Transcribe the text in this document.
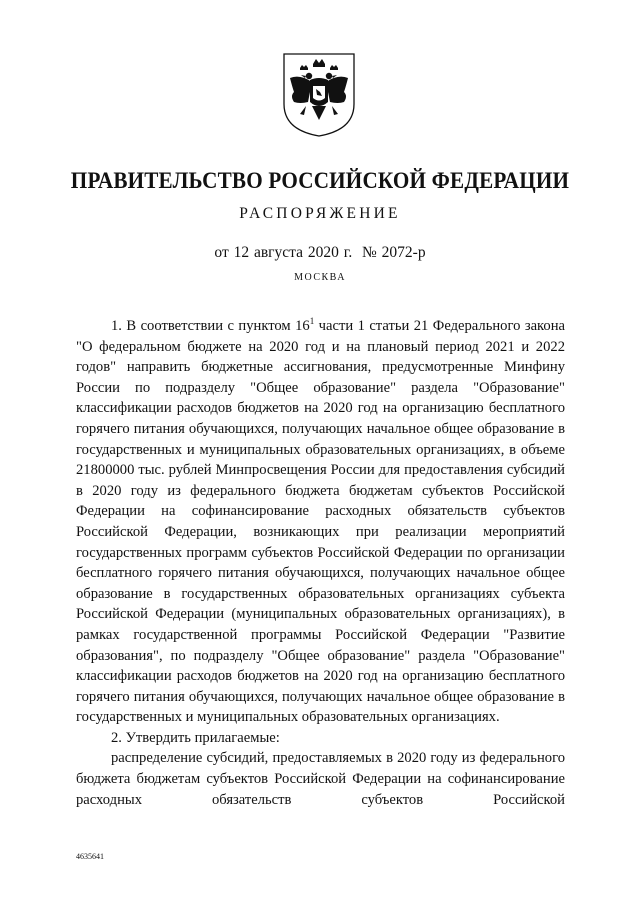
ПРАВИТЕЛЬСТВО РОССИЙСКОЙ ФЕДЕРАЦИИ
РАСПОРЯЖЕНИЕ
от 12 августа 2020 г.  № 2072-р
МОСКВА

1. В соответствии с пунктом $16^1$ части 1 статьи 21 Федерального закона "О федеральном бюджете на 2020 год и на плановый период 2021 и 2022 годов" направить бюджетные ассигнования, предусмотренные Минфину России по подразделу "Общее образование" раздела "Образование" классификации расходов бюджетов на 2020 год на организацию бесплатного горячего питания обучающихся, получающих начальное общее образование в государственных и муниципальных образовательных организациях, в объеме 21800000 тыс. рублей Минпросвещения России для предоставления субсидий в 2020 году из федерального бюджета бюджетам субъектов Российской Федерации на софинансирование расходных обязательств субъектов Российской Федерации, возникающих при реализации мероприятий государственных программ субъектов Российской Федерации по организации бесплатного горячего питания обучающихся, получающих начальное общее образование в государственных образовательных организациях субъекта Российской Федерации (муниципальных образовательных организациях), в рамках государственной программы Российской Федерации "Развитие образования", по подразделу "Общее образование" раздела "Образование" классификации расходов бюджетов на 2020 год на организацию бесплатного горячего питания обучающихся, получающих начальное общее образование в государственных и муниципальных образовательных организациях.

2. Утвердить прилагаемые:

распределение субсидий, предоставляемых в 2020 году из федерального бюджета бюджетам субъектов Российской Федерации на софинансирование расходных обязательств субъектов Российской

4635641
